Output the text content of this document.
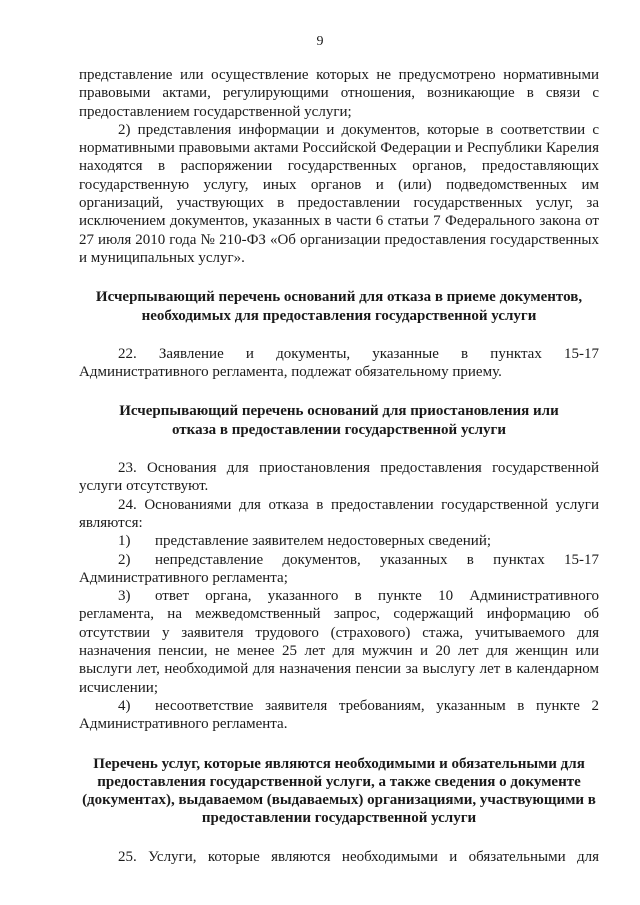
9

представление или осуществление которых не предусмотрено нормативными правовыми актами, регулирующими отношения, возникающие в связи с предоставлением государственной услуги;

2) представления информации и документов, которые в соответствии с нормативными правовыми актами Российской Федерации и Республики Карелия находятся в распоряжении государственных органов, предоставляющих государственную услугу, иных органов и (или) подведомственных им организаций, участвующих в предоставлении государственных услуг, за исключением документов, указанных в части 6 статьи 7 Федерального закона от 27 июля 2010 года № 210-ФЗ «Об организации предоставления государственных и муниципальных услуг».

Исчерпывающий перечень оснований для отказа в приеме документов, необходимых для предоставления государственной услуги

22. Заявление и документы, указанные в пунктах 15-17 Административного регламента, подлежат обязательному приему.

Исчерпывающий перечень оснований для приостановления или отказа в предоставлении государственной услуги

23. Основания для приостановления предоставления государственной услуги отсутствуют.

24. Основаниями для отказа в предоставлении государственной услуги являются:

1) представление заявителем недостоверных сведений;

2) непредставление документов, указанных в пунктах 15-17 Административного регламента;

3) ответ органа, указанного в пункте 10 Административного регламента, на межведомственный запрос, содержащий информацию об отсутствии у заявителя трудового (страхового) стажа, учитываемого для назначения пенсии, не менее 25 лет для мужчин и 20 лет для женщин или выслуги лет, необходимой для назначения пенсии за выслугу лет в календарном исчислении;

4) несоответствие заявителя требованиям, указанным в пункте 2 Административного регламента.

Перечень услуг, которые являются необходимыми и обязательными для предоставления государственной услуги, а также сведения о документе (документах), выдаваемом (выдаваемых) организациями, участвующими в предоставлении государственной услуги

25. Услуги, которые являются необходимыми и обязательными для
